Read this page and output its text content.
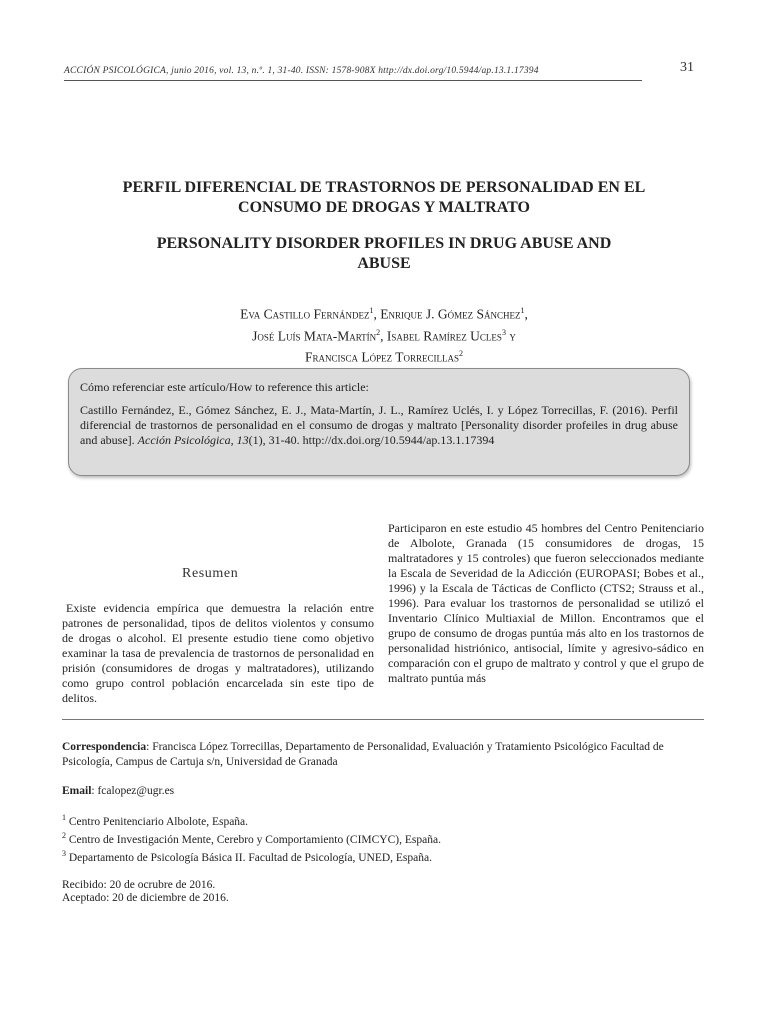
ACCIÓN PSICOLÓGICA, junio 2016, vol. 13, n.º. 1, 31-40. ISSN: 1578-908X http://dx.doi.org/10.5944/ap.13.1.17394	31
PERFIL DIFERENCIAL DE TRASTORNOS DE PERSONALIDAD EN EL
CONSUMO DE DROGAS Y MALTRATO
PERSONALITY DISORDER PROFILES IN DRUG ABUSE AND
ABUSE
Eva Castillo Fernández$^1$, Enrique J. Gómez Sánchez$^1$,
José Luís Mata-Martín$^2$, Isabel Ramírez Ucles$^3$ y
Francisca López Torrecillas$^2$
Cómo referenciar este artículo/How to reference this article:
Castillo Fernández, E., Gómez Sánchez, E. J., Mata-Martín, J. L., Ramírez Uclés, I. y López Torrecillas, F. (2016). Perfil diferencial de trastornos de personalidad en el consumo de drogas y maltrato [Personality disorder profeiles in drug abuse and abuse]. Acción Psicológica, 13(1), 31-40. http://dx.doi.org/10.5944/ap.13.1.17394
Resumen
Existe evidencia empírica que demuestra la relación entre patrones de personalidad, tipos de delitos violentos y consumo de drogas o alcohol. El presente estudio tiene como objetivo examinar la tasa de prevalencia de trastornos de personalidad en prisión (consumidores de drogas y maltratadores), utilizando como grupo control población encarcelada sin este tipo de delitos.
Participaron en este estudio 45 hombres del Centro Penitenciario de Albolote, Granada (15 consumidores de drogas, 15 maltratadores y 15 controles) que fueron seleccionados mediante la Escala de Severidad de la Adicción (EUROPASI; Bobes et al., 1996) y la Escala de Tácticas de Conflicto (CTS2; Strauss et al., 1996). Para evaluar los trastornos de personalidad se utilizó el Inventario Clínico Multiaxial de Millon. Encontramos que el grupo de consumo de drogas puntúa más alto en los trastornos de personalidad histriónico, antisocial, límite y agresivo-sádico en comparación con el grupo de maltrato y control y que el grupo de maltrato puntúa más
Correspondencia: Francisca López Torrecillas, Departamento de Personalidad, Evaluación y Tratamiento Psicológico Facultad de Psicología, Campus de Cartuja s/n, Universidad de Granada
Email: fcalopez@ugr.es
$^1$ Centro Penitenciario Albolote, España.
$^2$ Centro de Investigación Mente, Cerebro y Comportamiento (CIMCYC), España.
$^3$ Departamento de Psicología Básica II. Facultad de Psicología, UNED, España.
Recibido: 20 de ocrubre de 2016.
Aceptado: 20 de diciembre de 2016.
